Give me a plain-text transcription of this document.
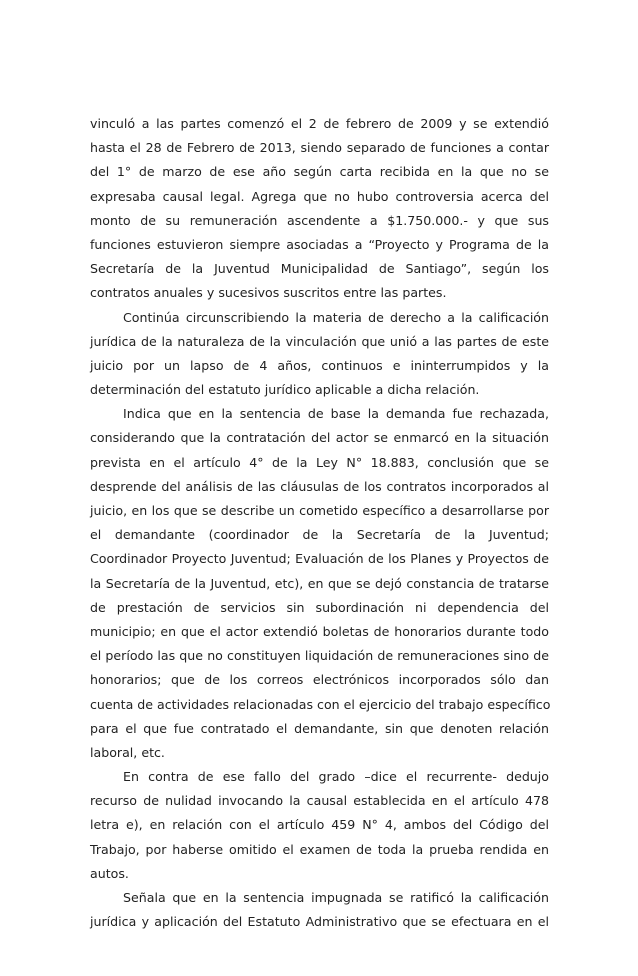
vinculó a las partes comenzó el 2 de febrero de 2009 y se extendió
hasta el 28 de Febrero de 2013, siendo separado de funciones a contar
del 1° de marzo de ese año según carta recibida en la que no se
expresaba causal legal. Agrega que no hubo controversia acerca del
monto de su remuneración ascendente a $1.750.000.- y que sus
funciones estuvieron siempre asociadas a “Proyecto y Programa de la
Secretaría de la Juventud Municipalidad de Santiago”, según los
contratos anuales y sucesivos suscritos entre las partes.
Continúa circunscribiendo la materia de derecho a la calificación
jurídica de la naturaleza de la vinculación que unió a las partes de este
juicio por un lapso de 4 años, continuos e ininterrumpidos y la
determinación del estatuto jurídico aplicable a dicha relación.
Indica que en la sentencia de base la demanda fue rechazada,
considerando que la contratación del actor se enmarcó en la situación
prevista en el artículo 4° de la Ley N° 18.883, conclusión que se
desprende del análisis de las cláusulas de los contratos incorporados al
juicio, en los que se describe un cometido específico a desarrollarse por
el demandante (coordinador de la Secretaría de la Juventud;
Coordinador Proyecto Juventud; Evaluación de los Planes y Proyectos de
la Secretaría de la Juventud, etc), en que se dejó constancia de tratarse
de prestación de servicios sin subordinación ni dependencia del
municipio; en que el actor extendió boletas de honorarios durante todo
el período las que no constituyen liquidación de remuneraciones sino de
honorarios; que de los correos electrónicos incorporados sólo dan
cuenta de actividades relacionadas con el ejercicio del trabajo específico
para el que fue contratado el demandante, sin que denoten relación
laboral, etc.
En contra de ese fallo del grado –dice el recurrente- dedujo
recurso de nulidad invocando la causal establecida en el artículo 478
letra e), en relación con el artículo 459 N° 4, ambos del Código del
Trabajo, por haberse omitido el examen de toda la prueba rendida en
autos.
Señala que en la sentencia impugnada se ratificó la calificación
jurídica y aplicación del Estatuto Administrativo que se efectuara en el
